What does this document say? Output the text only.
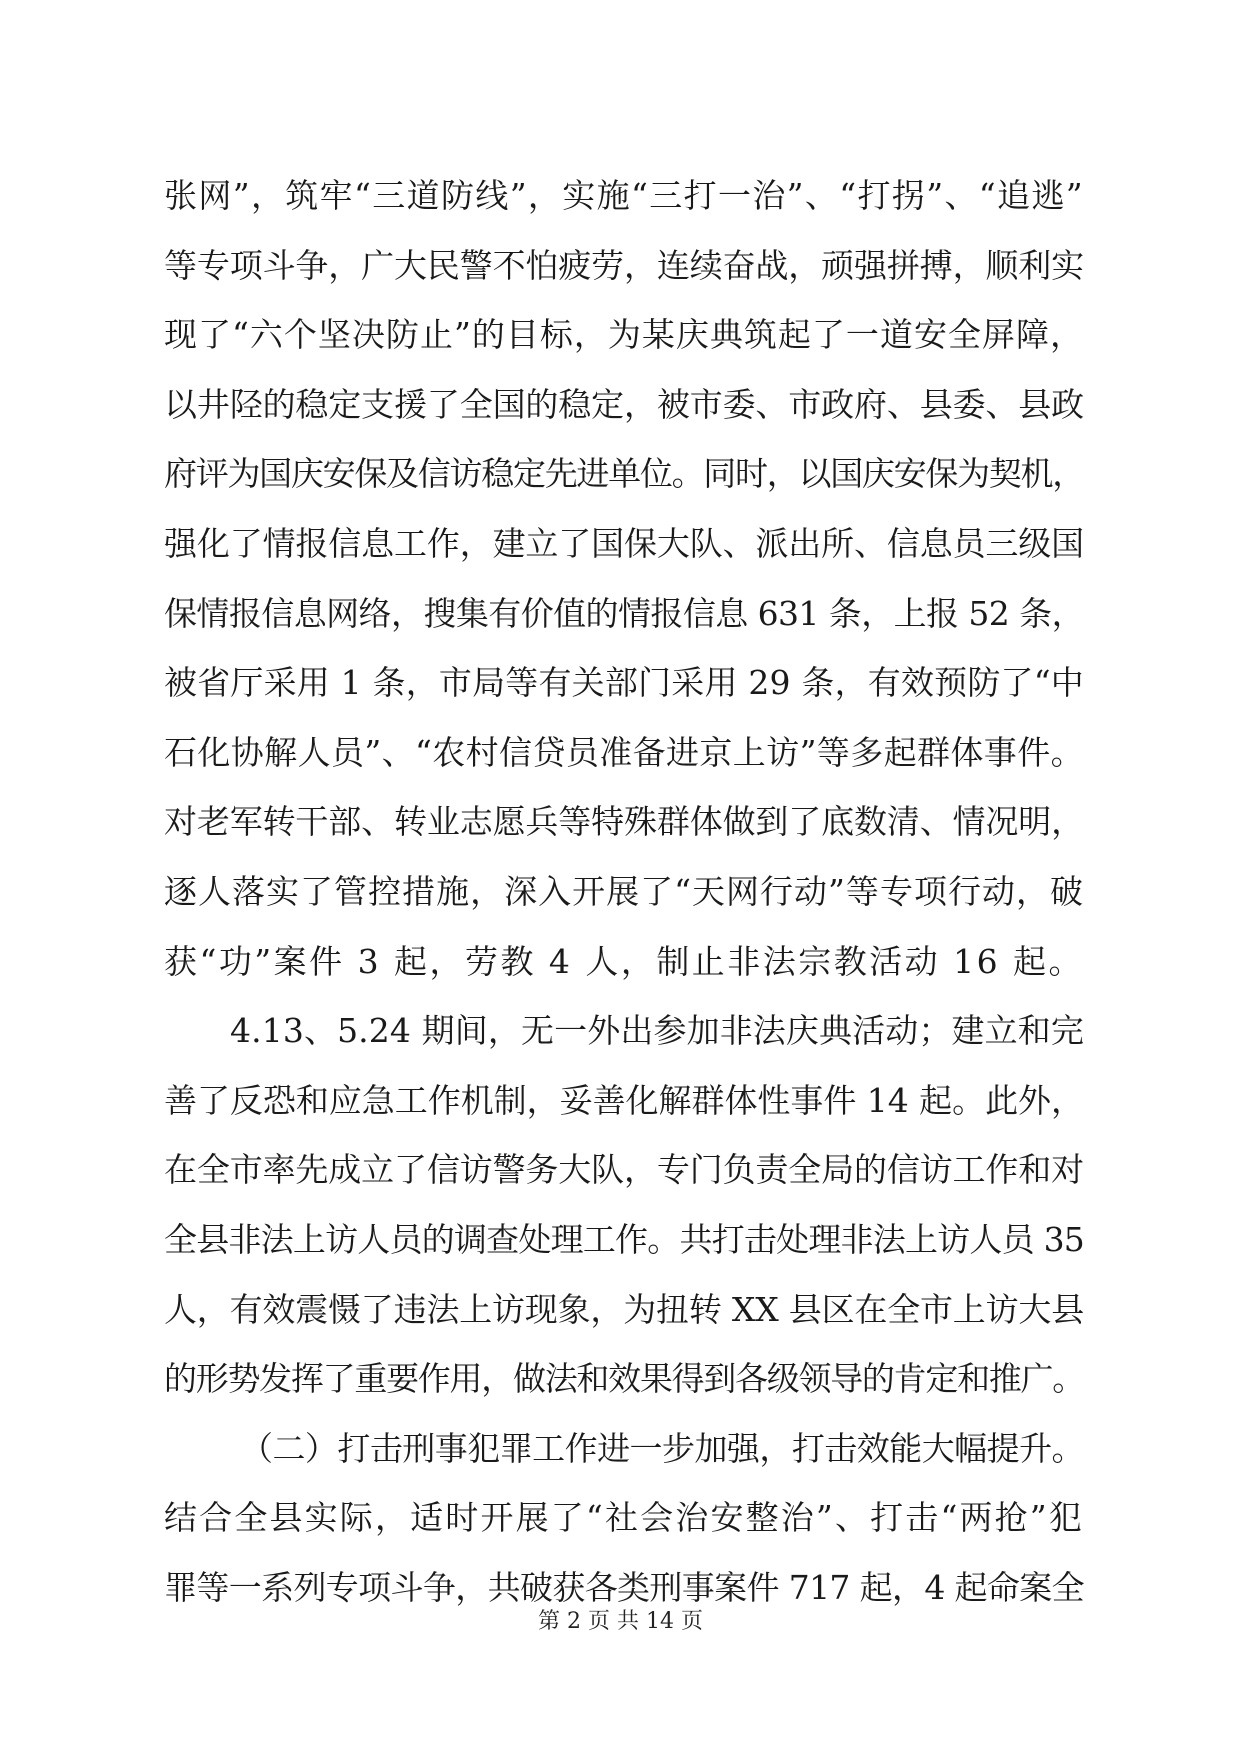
张网”，筑牢“三道防线”，实施“三打一治”、“打拐”、“追逃”
等专项斗争，广大民警不怕疲劳，连续奋战，顽强拼搏，顺利实
现了“六个坚决防止”的目标，为某庆典筑起了一道安全屏障，
以井陉的稳定支援了全国的稳定，被市委、市政府、县委、县政
府评为国庆安保及信访稳定先进单位。同时，以国庆安保为契机，
强化了情报信息工作，建立了国保大队、派出所、信息员三级国
保情报信息网络，搜集有价值的情报信息 631 条，上报 52 条，
被省厅采用 1 条，市局等有关部门采用 29 条，有效预防了“中
石化协解人员”、“农村信贷员准备进京上访”等多起群体事件。
对老军转干部、转业志愿兵等特殊群体做到了底数清、情况明，
逐人落实了管控措施，深入开展了“天网行动”等专项行动，破
获“功”案件 3 起，劳教 4 人，制止非法宗教活动 16 起。
4.13、5.24 期间，无一外出参加非法庆典活动；建立和完
善了反恐和应急工作机制，妥善化解群体性事件 14 起。此外，
在全市率先成立了信访警务大队，专门负责全局的信访工作和对
全县非法上访人员的调查处理工作。共打击处理非法上访人员 35
人，有效震慑了违法上访现象，为扭转 XX 县区在全市上访大县
的形势发挥了重要作用，做法和效果得到各级领导的肯定和推广。
（二）打击刑事犯罪工作进一步加强，打击效能大幅提升。
结合全县实际，适时开展了“社会治安整治”、打击“两抢”犯
罪等一系列专项斗争，共破获各类刑事案件 717 起，4 起命案全
第 2 页 共 14 页
